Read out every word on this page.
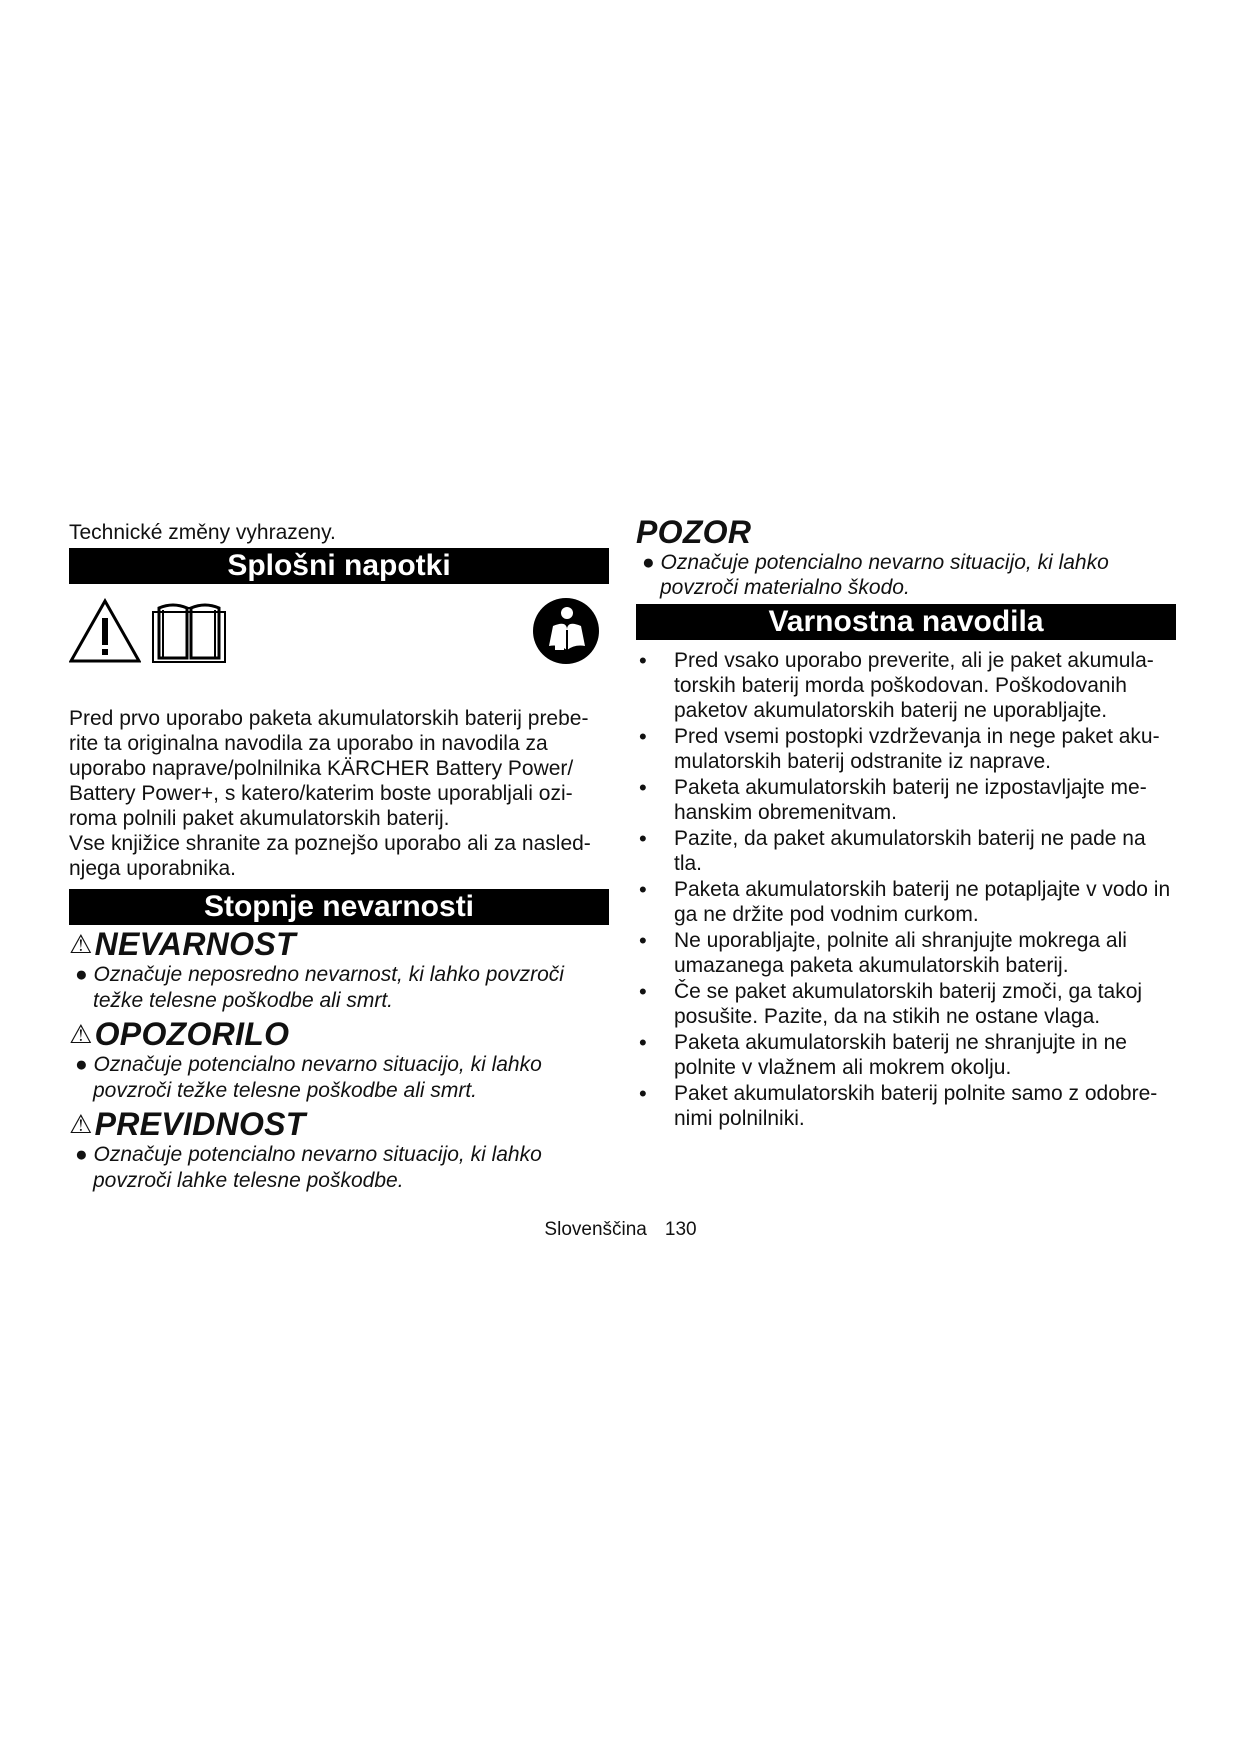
Technické změny vyhrazeny.

Splošni napotki

Pred prvo uporabo paketa akumulatorskih baterij prebe-rite ta originalna navodila za uporabo in navodila za uporabo naprave/polnilnika KÄRCHER Battery Power/ Battery Power+, s katero/katerim boste uporabljali ozi-roma polnili paket akumulatorskih baterij.

Vse knjižice shranite za poznejšo uporabo ali za nasled-njega uporabnika.

Stopnje nevarnosti
⚠NEVARNOST

● Označuje neposredno nevarnost, ki lahko povzroči težke telesne poškodbe ali smrt.

⚠OPOZORILO

● Označuje potencialno nevarno situacijo, ki lahko povzroči težke telesne poškodbe ali smrt.

⚠PREVIDNOST

● Označuje potencialno nevarno situacijo, ki lahko povzroči lahke telesne poškodbe.

POZOR

● Označuje potencialno nevarno situacijo, ki lahko povzroči materialno škodo.

Varnostna navodila
• Pred vsako uporabo preverite, ali je paket akumula-torskih baterij morda poškodovan. Poškodovanih paketov akumulatorskih baterij ne uporabljajte.
• Pred vsemi postopki vzdrževanja in nege paket aku-mulatorskih baterij odstranite iz naprave.
• Paketa akumulatorskih baterij ne izpostavljajte me-hanskim obremenitvam.
• Pazite, da paket akumulatorskih baterij ne pade na tla.
• Paketa akumulatorskih baterij ne potapljajte v vodo in ga ne držite pod vodnim curkom.
• Ne uporabljajte, polnite ali shranjujte mokrega ali umazanega paketa akumulatorskih baterij.
• Če se paket akumulatorskih baterij zmoči, ga takoj posušite. Pazite, da na stikih ne ostane vlaga.
• Paketa akumulatorskih baterij ne shranjujte in ne polnite v vlažnem ali mokrem okolju.
• Paket akumulatorskih baterij polnite samo z odobre-nimi polnilniki.
Slovenščina 130
